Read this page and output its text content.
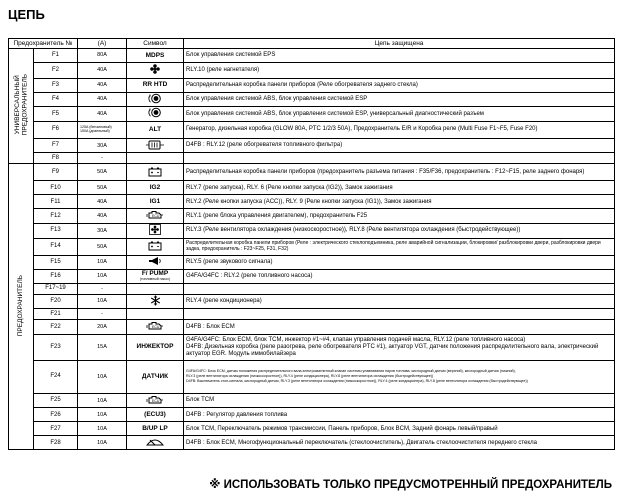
ЦЕПЬ
Предохранитель №		(A)	Символ	Цепь защищена
УНИВЕРСАЛЬНЫЙ
ПРЕДОХРАНИТЕЛЬ	F1	80A	MDPS	Блок управления системой EPS
	F2	40A		RLY.10 (реле нагнетателя)
	F3	40A	RR HTD	Распределительная коробка панели приборов (Реле обогревателя заднего стекла)
	F4	40A	1	Блок управления системой ABS, блок управления системой ESP
	F5	40A	1	Блок управления системой ABS, блок управления системой ESP, универсальный диагностический разъем
	F6	125A (бензиновый)
150A (дизельный)	ALT	Генератор, дизельная коробка (GLOW 80A, PTC 1/2/3 50A), Предохранитель E/R и Коробка реле (Multi Fuse F1~F5, Fuse F20)
	F7	30A		D4FB : RLY.12 (реле обогревателя топливного фильтра)
	F8	-		
ПРЕДОХРАНИТЕЛЬ	F9	50A		Распределительная коробка панели приборов (предохранитель разъема питания : F35/F36, предохранитель : F12~F15, реле заднего фонаря)
	F10	50A	IG2	RLY.7 (реле запуска), RLY. 6 (Реле кнопки запуска (IG2)), Замок зажигания
	F11	40A	IG1	RLY.2 (Реле кнопки запуска (ACC)), RLY. 9 (Реле кнопки запуска (IG1)), Замок зажигания
	F12	40A	ECU	RLY.1 (реле блока управления двигателем), предохранитель F25
	F13	30A		RLY.3 (Реле вентилятора охлаждения (низкоскоростное)), RLY.8 (Реле вентилятора охлаждения (быстродействующее))
	F14	50A		Распределительная коробка панели приборов (Реле : электрического стеклоподъемника, реле аварийной сигнализации, блокировки/ разблокировки двери, разблокировки двери задка, предохранитель : F23~F25, F31, F32)

	F15	10A		RLY.5 (реле звукового сигнала)
	F16	10A	F/ PUMP
(топливный насос)	G4FA/G4FC : RLY.2 (реле топливного насоса)
	F17~19	-		
	F20	10A		RLY.4 (реле кондиционера)
	F21	-		
	F22	20A	ECU	D4FB : Блок ECM
	F23	15A	ИНЖЕКТОР	G4FA/G4FC: Блок ECM, блок TCM, инжектор #1~#4, клапан управления подачей масла, RLY.12 (реле топливного насоса)
D4FB: Дизельная коробка (реле разогрева, реле обогревателя PTC #1), актуатор VGT, датчик положения распределительного вала, электрический актуатор EGR. Модуль иммобилайзера
	F24	10A	ДАТЧИК	G4FA/G4FC: Блок ECM, датчик положения распределительного вала,электромагнитный клапан системы улавливания паров топлива, кислородный датчик (верхний), кислородный датчик (нижний),
RLY.3 (реле вентилятора охлаждения (низкоскоростное)), RLY.4 (реле кондиционера), RLY.8 (реле вентилятора охлаждения (быстродействующее))
D4FB: Выключатель стоп-сигнала, кислородный датчик, RLY.3 (реле вентилятора охлаждения (низкоскоростное)), RLY.4 (реле кондиционера), RLY.8 (реле вентилятора охлаждения (быстродействующее))

	F25	10A	ECU	Блок TCM
	F26	10A	(ECU3)	D4FB : Регулятор давления топлива
	F27	10A	B/UP LP	Блок TCM, Переключатель режимов трансмиссии, Панель приборов, Блок BCM, Задний фонарь левый/правый
	F28	10A		D4FB : Блок ECM, Многофункциональный переключатель (стеклоочиститель), Двигатель стеклоочистителя переднего стекла
※ ИСПОЛЬЗОВАТЬ ТОЛЬКО ПРЕДУСМОТРЕННЫЙ ПРЕДОХРАНИТЕЛЬ
